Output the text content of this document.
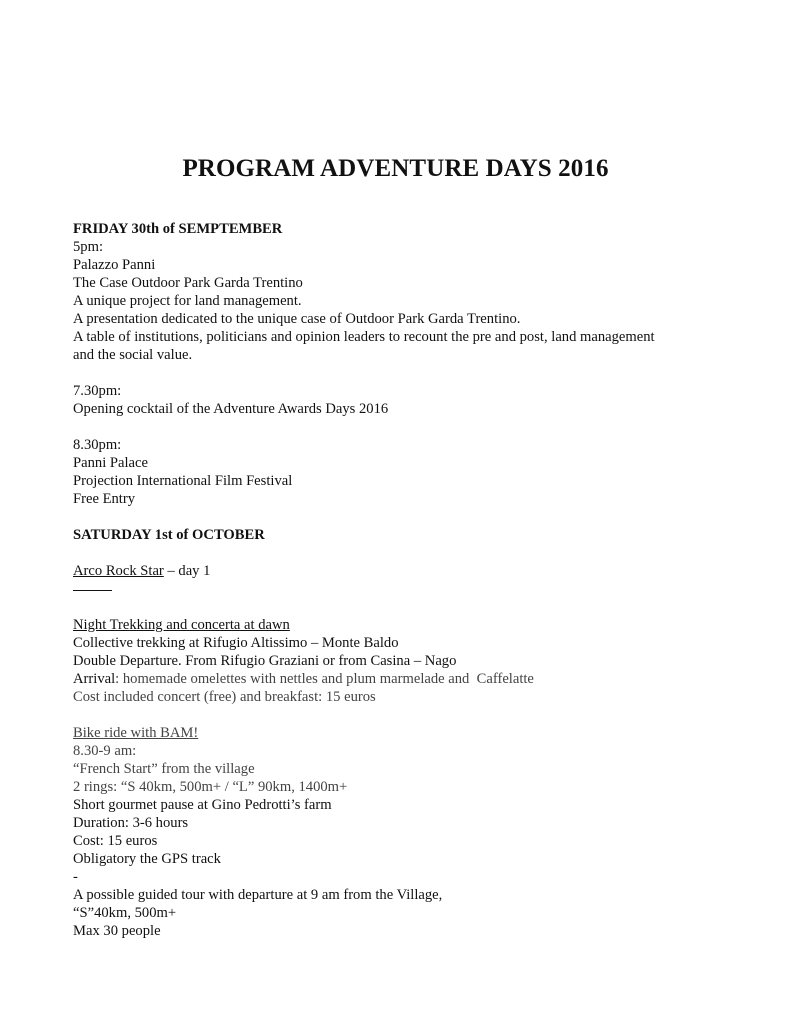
PROGRAM ADVENTURE DAYS 2016
FRIDAY 30th of SEMPTEMBER
5pm:
Palazzo Panni
The Case Outdoor Park Garda Trentino
A unique project for land management.
A presentation dedicated to the unique case of Outdoor Park Garda Trentino.
A table of institutions, politicians and opinion leaders to recount the pre and post, land management
and the social value.
7.30pm:
Opening cocktail of the Adventure Awards Days 2016
8.30pm:
Panni Palace
Projection International Film Festival
Free Entry
SATURDAY 1st of OCTOBER
Arco Rock Star – day 1
Night Trekking and concerta at dawn
Collective trekking at Rifugio Altissimo – Monte Baldo
Double Departure. From Rifugio Graziani or from Casina – Nago
Arrival: homemade omelettes with nettles and plum marmelade and  Caffelatte
Cost included concert (free) and breakfast: 15 euros
Bike ride with BAM!
8.30-9 am:
“French Start” from the village
2 rings: “S 40km, 500m+ / “L” 90km, 1400m+
Short gourmet pause at Gino Pedrotti’s farm
Duration: 3-6 hours
Cost: 15 euros
Obligatory the GPS track
-
A possible guided tour with departure at 9 am from the Village,
“S”40km, 500m+
Max 30 people
